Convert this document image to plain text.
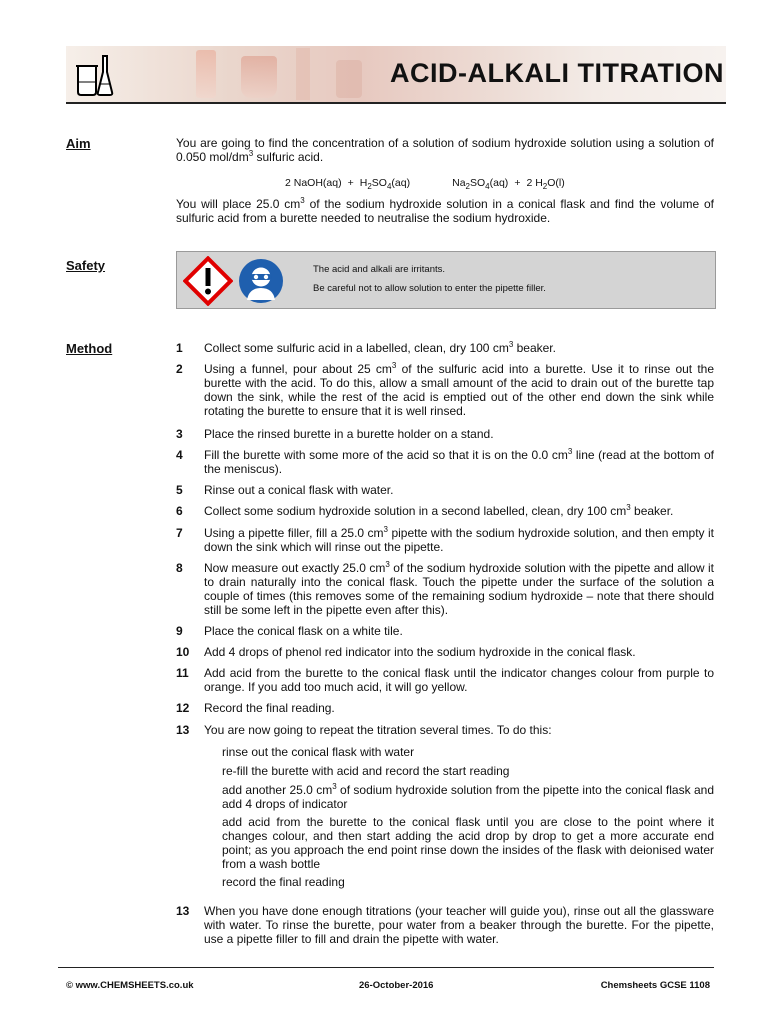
ACID-ALKALI TITRATION
Aim	You are going to find the concentration of a solution of sodium hydroxide solution using a solution of 0.050 mol/$dm^3$ sulfuric acid.
2 NaOH(aq) + $H_2SO_4(aq)$	$Na_2SO_4(aq) + 2$ $H_2O(l)$
You will place 25.0 $cm^3$ of the sodium hydroxide solution in a conical flask and find the volume of sulfuric acid from a burette needed to neutralise the sodium hydroxide.
Safety	The acid and alkali are irritants.
Be careful not to allow solution to enter the pipette filler.
Method	1 Collect some sulfuric acid in a labelled, clean, dry 100 $cm^3$ beaker.
2 Using a funnel, pour about 25 $cm^3$ of the sulfuric acid into a burette. Use it to rinse out the burette with the acid. To do this, allow a small amount of the acid to drain out of the burette tap down the sink, while the rest of the acid is emptied out of the other end down the sink while rotating the burette to ensure that it is well rinsed.
3 Place the rinsed burette in a burette holder on a stand.
4 Fill the burette with some more of the acid so that it is on the 0.0 $cm^3$ line (read at the bottom of the meniscus).
5 Rinse out a conical flask with water.
6 Collect some sodium hydroxide solution in a second labelled, clean, dry 100 $cm^3$ beaker.
7 Using a pipette filler, fill a 25.0 $cm^3$ pipette with the sodium hydroxide solution, and then empty it down the sink which will rinse out the pipette.
8 Now measure out exactly 25.0 $cm^3$ of the sodium hydroxide solution with the pipette and allow it to drain naturally into the conical flask. Touch the pipette under the surface of the solution a couple of times (this removes some of the remaining sodium hydroxide – note that there should still be some left in the pipette even after this).
9 Place the conical flask on a white tile.
10 Add 4 drops of phenol red indicator into the sodium hydroxide in the conical flask.
11 Add acid from the burette to the conical flask until the indicator changes colour from purple to orange. If you add too much acid, it will go yellow.
12 Record the final reading.
13 You are now going to repeat the titration several times. To do this:
rinse out the conical flask with water
re-fill the burette with acid and record the start reading
add another 25.0 $cm^3$ of sodium hydroxide solution from the pipette into the conical flask and add 4 drops of indicator
add acid from the burette to the conical flask until you are close to the point where it changes colour, and then start adding the acid drop by drop to get a more accurate end point; as you approach the end point rinse down the insides of the flask with deionised water from a wash bottle
record the final reading
13 When you have done enough titrations (your teacher will guide you), rinse out all the glassware with water. To rinse the burette, pour water from a beaker through the burette. For the pipette, use a pipette filler to fill and drain the pipette with water.
© www.CHEMSHEETS.co.uk	26-October-2016	Chemsheets GCSE 1108
